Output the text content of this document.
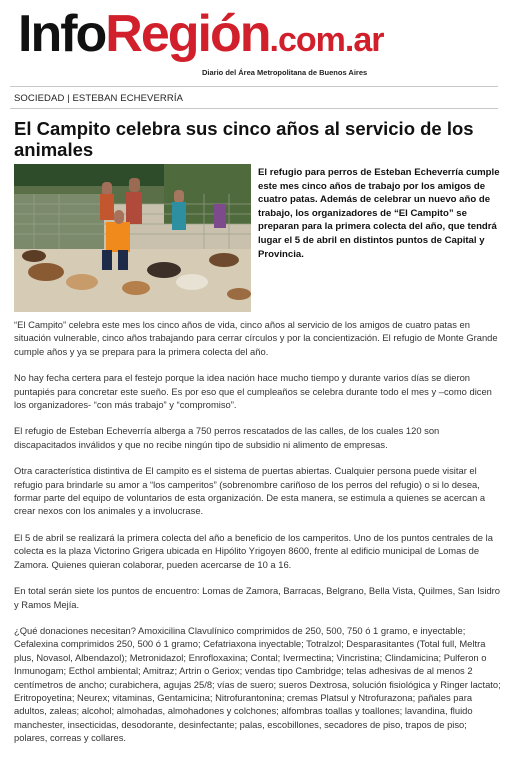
InfoRegión.com.ar
Diario del Área Metropolitana de Buenos Aires
SOCIEDAD | ESTEBAN ECHEVERRÍA
El Campito celebra sus cinco años al servicio de los animales
El refugio para perros de Esteban Echeverría cumple este mes cinco años de trabajo por los amigos de cuatro patas. Además de celebrar un nuevo año de trabajo, los organizadores de “El Campito” se preparan para la primera colecta del año, que tendrá lugar el 5 de abril en distintos puntos de Capital y Provincia.

“El Campito” celebra este mes los cinco años de vida, cinco años al servicio de los amigos de cuatro patas en situación vulnerable, cinco años trabajando para cerrar círculos y por la concientización. El refugio de Monte Grande cumple años y ya se prepara para la primera colecta del año.

No hay fecha certera para el festejo porque la idea nación hace mucho tiempo y durante varios días se dieron puntapiés para concretar este sueño. Es por eso que el cumpleaños se celebra durante todo el mes y –como dicen los organizadores- “con más trabajo” y “compromiso”.

El refugio de Esteban Echeverría alberga a 750 perros rescatados de las calles, de los cuales 120 son discapacitados inválidos y que no recibe ningún tipo de subsidio ni alimento de empresas.

Otra característica distintiva de El campito es el sistema de puertas abiertas. Cualquier persona puede visitar el refugio para brindarle su amor a “los camperitos” (sobrenombre cariñoso de los perros del refugio) o si lo desea, formar parte del equipo de voluntarios de esta organización. De esta manera, se estimula a quienes se acercan a crear nexos con los animales y a involucrase.

El 5 de abril se realizará la primera colecta del año a beneficio de los camperitos. Uno de los puntos centrales de la colecta es la plaza Victorino Grigera ubicada en Hipólito Yrigoyen 8600, frente al edificio municipal de Lomas de Zamora. Quienes quieran colaborar, pueden acercarse de 10 a 16.

En total serán siete los puntos de encuentro: Lomas de Zamora, Barracas, Belgrano, Bella Vista, Quilmes, San Isidro y Ramos Mejía.

¿Qué donaciones necesitan? Amoxicilina Clavulínico comprimidos de 250, 500, 750 ó 1 gramo, e inyectable; Cefalexina comprimidos 250, 500 ó 1 gramo; Cefatriaxona inyectable; Totralzol; Desparasitantes (Total full, Meltra plus, Novasol, Albendazol); Metronidazol; Enrofloxaxina; Contal; Ivermectina; Vincristina; Clindamicina; Pulferon o Inmunogam; Ecthol ambiental; Amitraz; Artrin o Geriox; vendas tipo Cambridge; telas adhesivas de al menos 2 centímetros de ancho; curabichera, agujas 25/8; vías de suero; sueros Dextrosa, solución fisiológica y Ringer lactato; Eritropoyetina; Neurex; vitaminas, Gentamicina; Nitrofurantonina; cremas Platsul y Ntrofurazona; pañales para adultos, zaleas; alcohol; almohadas, almohadones y colchones; alfombras toallas y toallones; lavandina, fluido manchester, insecticidas, desodorante, desinfectante; palas, escobillones, secadores de piso, trapos de piso; polares, correas y collares.
